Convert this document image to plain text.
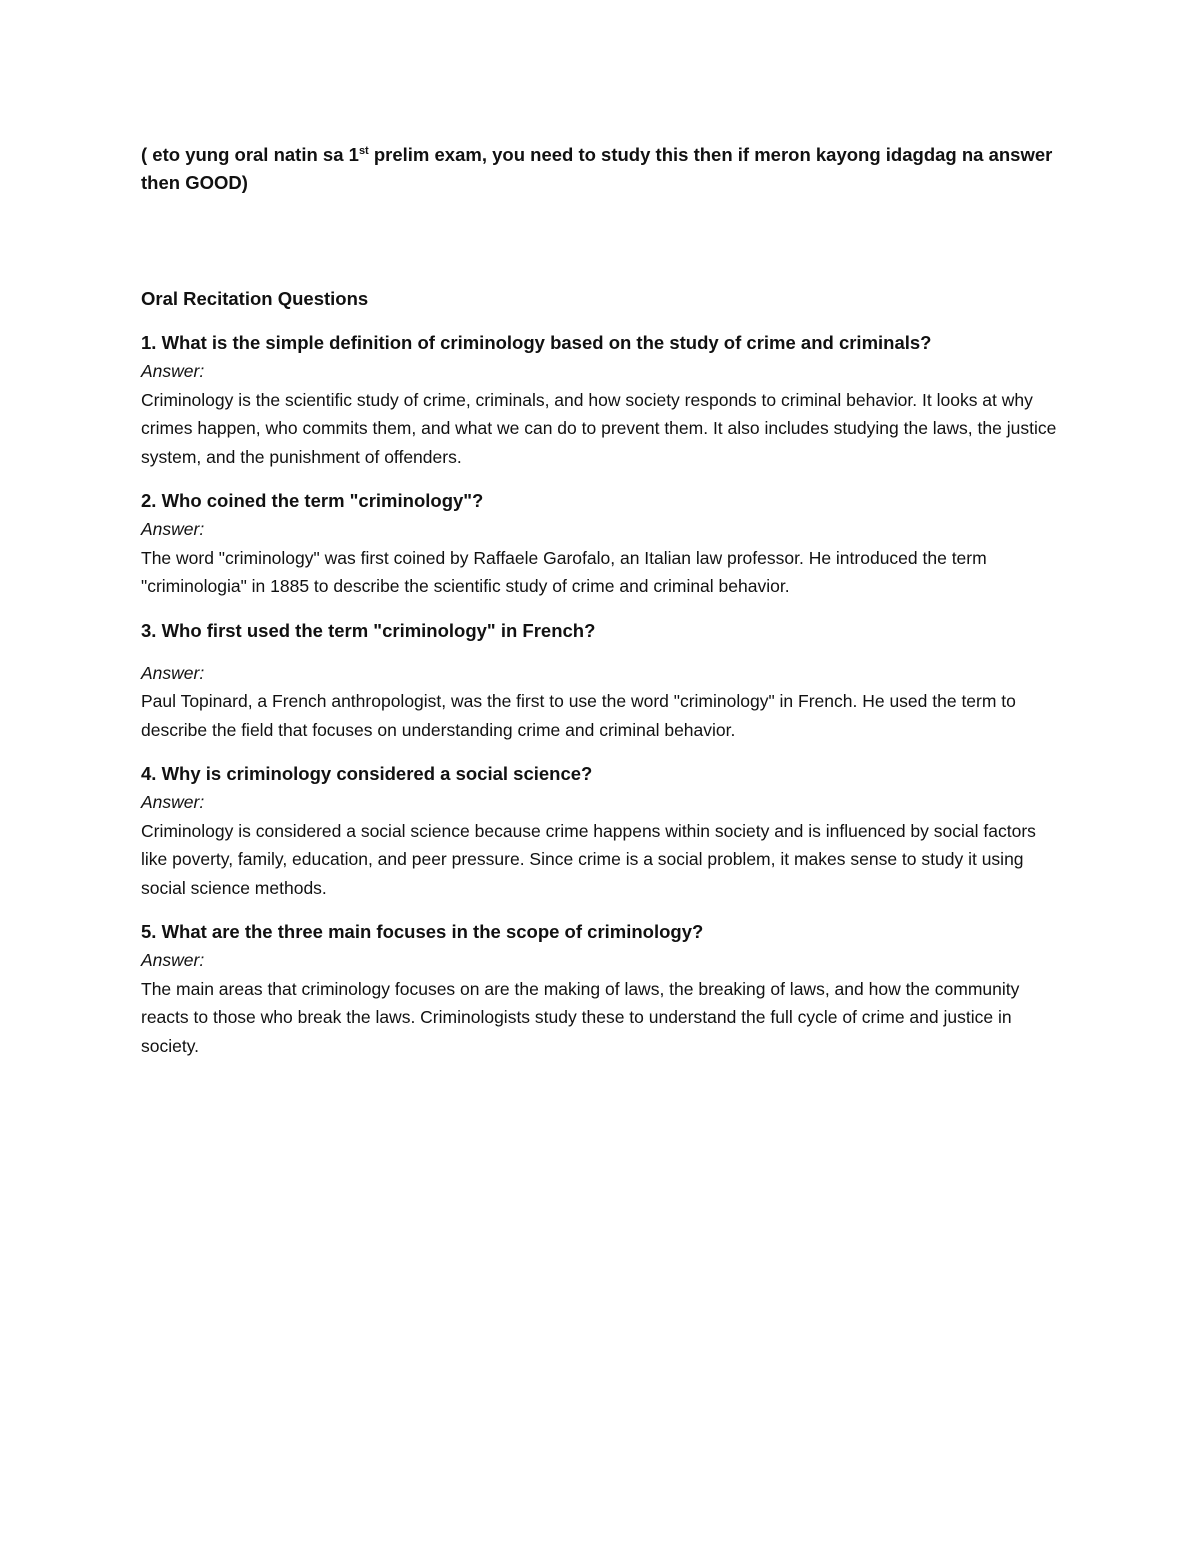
( eto yung oral natin sa 1st prelim exam, you need to study this then if meron kayong idagdag na answer then GOOD)

Oral Recitation Questions

1. What is the simple definition of criminology based on the study of crime and criminals?

Answer:

Criminology is the scientific study of crime, criminals, and how society responds to criminal behavior. It looks at why crimes happen, who commits them, and what we can do to prevent them. It also includes studying the laws, the justice system, and the punishment of offenders.

2. Who coined the term "criminology"?

Answer:

The word "criminology" was first coined by Raffaele Garofalo, an Italian law professor. He introduced the term "criminologia" in 1885 to describe the scientific study of crime and criminal behavior.

3. Who first used the term "criminology" in French?

Answer:

Paul Topinard, a French anthropologist, was the first to use the word "criminology" in French. He used the term to describe the field that focuses on understanding crime and criminal behavior.

4. Why is criminology considered a social science?

Answer:

Criminology is considered a social science because crime happens within society and is influenced by social factors like poverty, family, education, and peer pressure. Since crime is a social problem, it makes sense to study it using social science methods.

5. What are the three main focuses in the scope of criminology?

Answer:

The main areas that criminology focuses on are the making of laws, the breaking of laws, and how the community reacts to those who break the laws. Criminologists study these to understand the full cycle of crime and justice in society.
